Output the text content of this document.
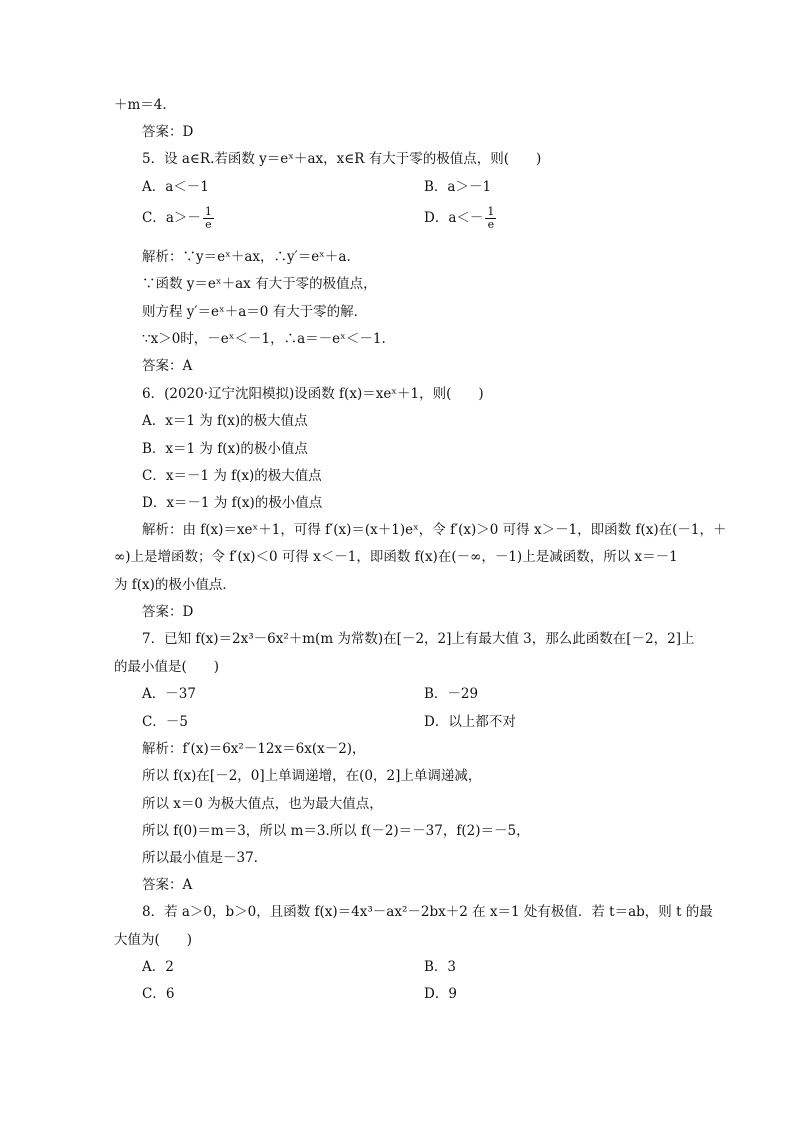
＋m＝4.
答案：D
5．设 a∈R.若函数 y＝eˣ＋ax，x∈R 有大于零的极值点，则(　　)
A．a＜－1	B．a＞－1
C．$a>- \frac{1}{e}$	D．$a<- \frac{1}{e}$
解析：∵y＝eˣ＋ax，∴y′＝eˣ＋a.
∵函数 y＝eˣ＋ax 有大于零的极值点，
则方程 y′＝eˣ＋a＝0 有大于零的解．
∵x＞0时，－eˣ＜－1，∴a＝－eˣ＜－1.
答案：A
6．(2020·辽宁沈阳模拟)设函数 f(x)＝xeˣ＋1，则(　　)
A．x＝1 为 f(x)的极大值点
B．x＝1 为 f(x)的极小值点
C．x＝－1 为 f(x)的极大值点
D．x＝－1 为 f(x)的极小值点
解析：由 f(x)＝xeˣ＋1，可得 f′(x)＝(x＋1)eˣ，令 f′(x)＞0 可得 x＞－1，即函数 f(x)在(－1，＋
∞)上是增函数；令 f′(x)＜0 可得 x＜－1，即函数 f(x)在(－∞，－1)上是减函数，所以 x＝－1
为 f(x)的极小值点．
答案：D
7．已知 f(x)＝2x³－6x²＋m(m 为常数)在[－2，2]上有最大值 3，那么此函数在[－2，2]上
的最小值是(　　)
A．－37	B．－29
C．－5	D．以上都不对
解析：f′(x)＝6x²－12x＝6x(x－2)，
所以 f(x)在[－2，0]上单调递增，在(0，2]上单调递减，
所以 x＝0 为极大值点，也为最大值点，
所以 f(0)＝m＝3，所以 m＝3.所以 f(－2)＝－37，f(2)＝－5，
所以最小值是－37.
答案：A
8．若 a＞0，b＞0，且函数 f(x)＝4x³－ax²－2bx＋2 在 x＝1 处有极值．若 t＝ab，则 t 的最
大值为(　　)
A．2	B．3
C．6	D．9
